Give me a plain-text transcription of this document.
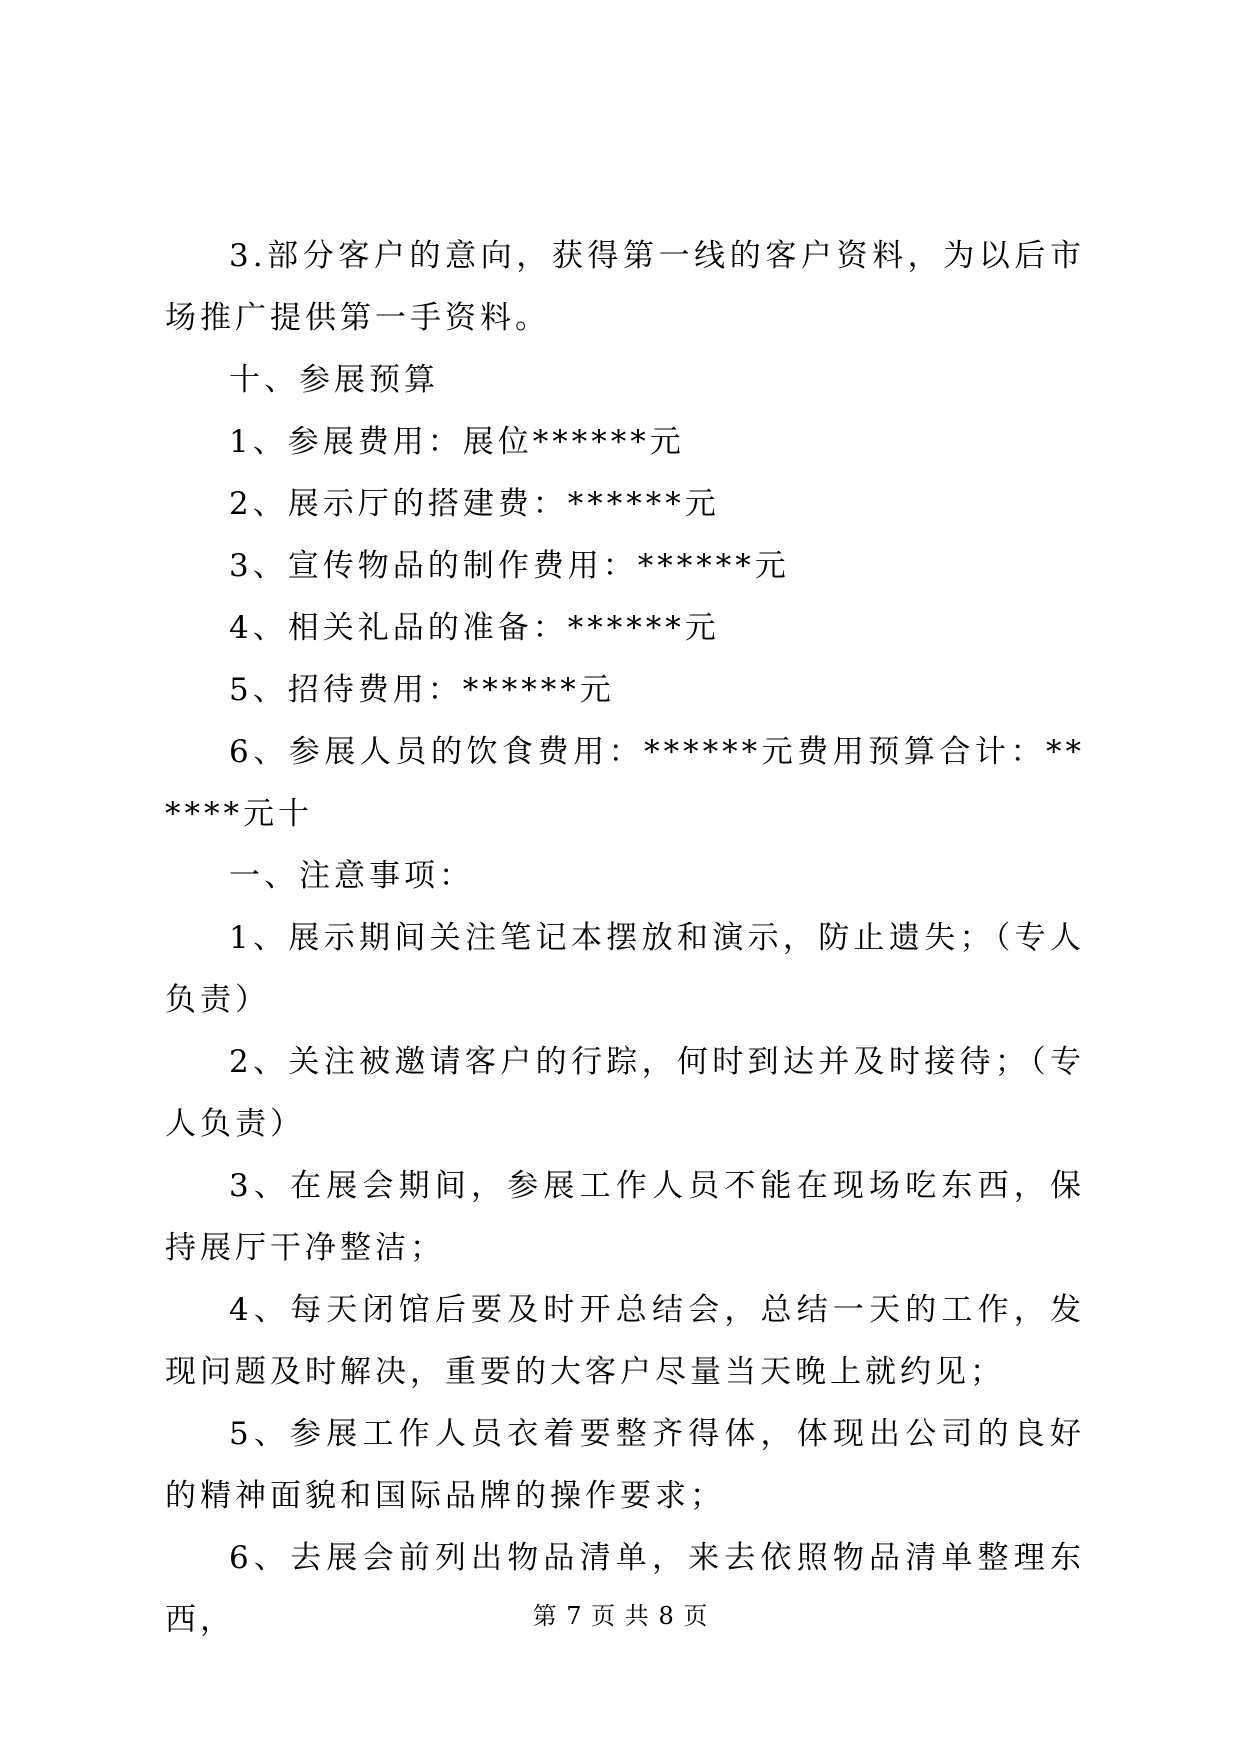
3.部分客户的意向，获得第一线的客户资料，为以后市场推广提供第一手资料。

十、参展预算

1、参展费用：展位******元

2、展示厅的搭建费：******元

3、宣传物品的制作费用：******元

4、相关礼品的准备：******元

5、招待费用：******元

6、参展人员的饮食费用：******元费用预算合计：******元十

一、注意事项：

1、展示期间关注笔记本摆放和演示，防止遗失；（专人负责）

2、关注被邀请客户的行踪，何时到达并及时接待；（专人负责）

3、在展会期间，参展工作人员不能在现场吃东西，保持展厅干净整洁；

4、每天闭馆后要及时开总结会，总结一天的工作，发现问题及时解决，重要的大客户尽量当天晚上就约见；

5、参展工作人员衣着要整齐得体，体现出公司的良好的精神面貌和国际品牌的操作要求；

6、去展会前列出物品清单，来去依照物品清单整理东西，	第 7 页 共 8 页
